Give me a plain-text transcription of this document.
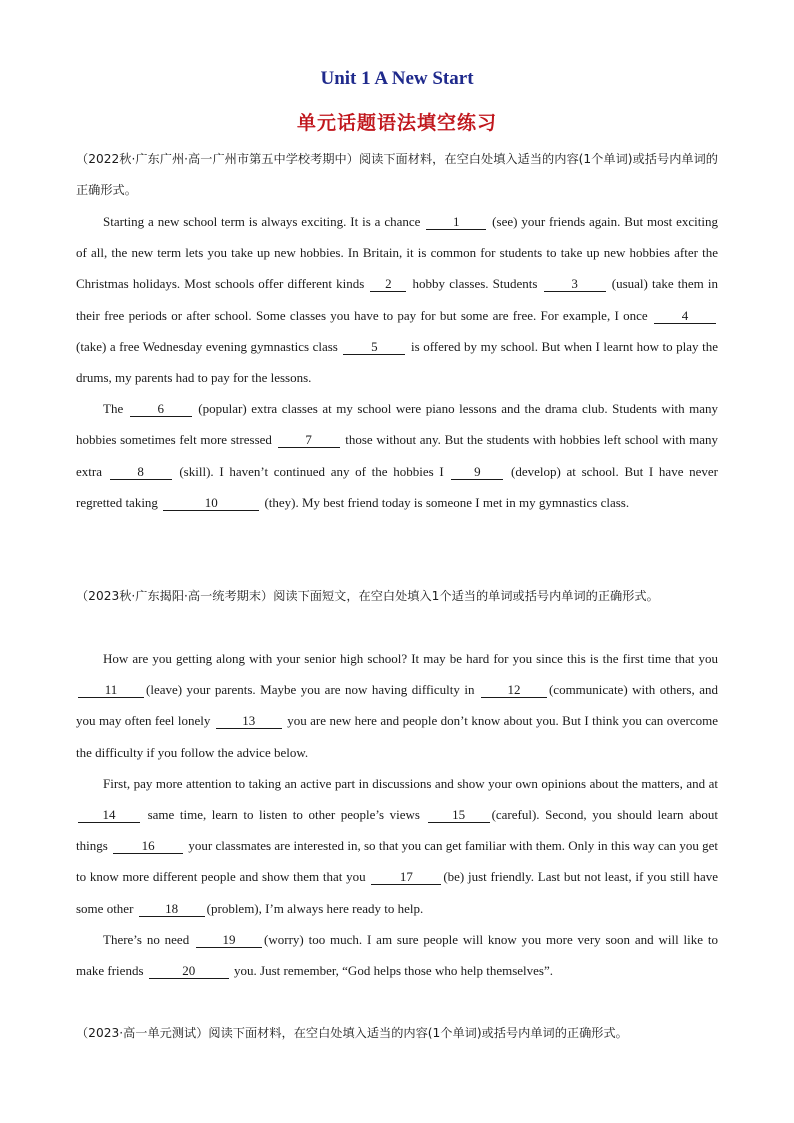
Unit 1 A New Start
单元话题语法填空练习
（2022秋·广东广州·高一广州市第五中学校考期中）阅读下面材料，在空白处填入适当的内容(1个单词)或括号内单词的正确形式。

Starting a new school term is always exciting. It is a chance 1 (see) your friends again. But most exciting of all, the new term lets you take up new hobbies. In Britain, it is common for students to take up new hobbies after the Christmas holidays. Most schools offer different kinds 2 hobby classes. Students 3 (usual) take them in their free periods or after school. Some classes you have to pay for but some are free. For example, I once 4 (take) a free Wednesday evening gymnastics class 5 is offered by my school. But when I learnt how to play the drums, my parents had to pay for the lessons.

The 6 (popular) extra classes at my school were piano lessons and the drama club. Students with many hobbies sometimes felt more stressed 7 those without any. But the students with hobbies left school with many extra 8 (skill). I haven’t continued any of the hobbies I 9 (develop) at school. But I have never regretted taking	10	(they). My best friend today is someone I met in my gymnastics class.

（2023秋·广东揭阳·高一统考期末）阅读下面短文，在空白处填入1个适当的单词或括号内单词的正确形式。

How are you getting along with your senior high school? It may be hard for you since this is the first time that you 11 (leave) your parents. Maybe you are now having difficulty in 12 (communicate) with others, and you may often feel lonely 13 you are new here and people don’t know about you. But I think you can overcome the difficulty if you follow the advice below.

First, pay more attention to taking an active part in discussions and show your own opinions about the matters, and at 14 same time, learn to listen to other people’s views 15 (careful). Second, you should learn about things 16 your classmates are interested in, so that you can get familiar with them. Only in this way can you get to know more different people and show them that you 17 (be) just friendly. Last but not least, if you still have some other 18 (problem), I’m always here ready to help.

There’s no need 19 (worry) too much. I am sure people will know you more very soon and will like to make friends	20	you. Just remember, “God helps those who help themselves”.

（2023·高一单元测试）阅读下面材料，在空白处填入适当的内容(1个单词)或括号内单词的正确形式。
